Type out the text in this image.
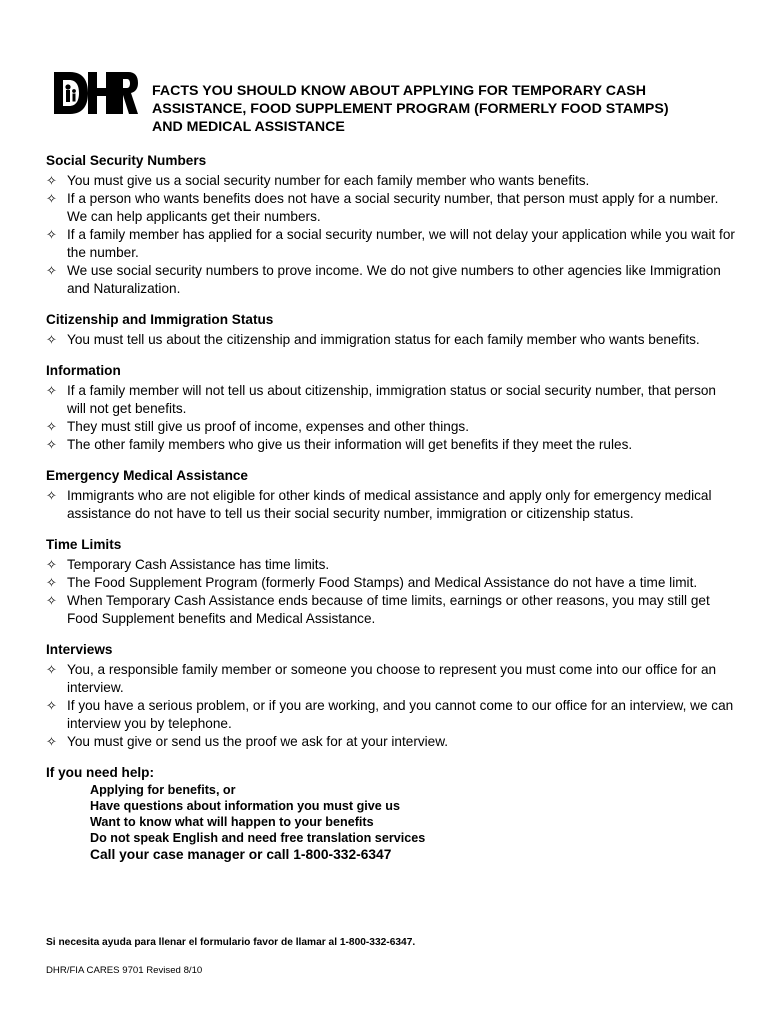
FACTS YOU SHOULD KNOW ABOUT APPLYING FOR TEMPORARY CASH
ASSISTANCE, FOOD SUPPLEMENT PROGRAM (FORMERLY FOOD STAMPS)
AND MEDICAL ASSISTANCE
Social Security Numbers
✧ You must give us a social security number for each family member who wants benefits.
✧ If a person who wants benefits does not have a social security number, that person must apply for a number. We can help applicants get their numbers.
✧ If a family member has applied for a social security number, we will not delay your application while you wait for the number.
✧ We use social security numbers to prove income. We do not give numbers to other agencies like Immigration and Naturalization.
Citizenship and Immigration Status
✧ You must tell us about the citizenship and immigration status for each family member who wants benefits.
Information
✧ If a family member will not tell us about citizenship, immigration status or social security number, that person will not get benefits.
✧ They must still give us proof of income, expenses and other things.
✧ The other family members who give us their information will get benefits if they meet the rules.
Emergency Medical Assistance
✧ Immigrants who are not eligible for other kinds of medical assistance and apply only for emergency medical assistance do not have to tell us their social security number, immigration or citizenship status.
Time Limits
✧ Temporary Cash Assistance has time limits.
✧ The Food Supplement Program (formerly Food Stamps) and Medical Assistance do not have a time limit.
✧ When Temporary Cash Assistance ends because of time limits, earnings or other reasons, you may still get Food Supplement benefits and Medical Assistance.
Interviews
✧ You, a responsible family member or someone you choose to represent you must come into our office for an interview.
✧ If you have a serious problem, or if you are working, and you cannot come to our office for an interview, we can interview you by telephone.
✧ You must give or send us the proof we ask for at your interview.
If you need help:
Applying for benefits, or
Have questions about information you must give us
Want to know what will happen to your benefits
Do not speak English and need free translation services
Call your case manager or call 1-800-332-6347
Si necesita ayuda para llenar el formulario favor de llamar al 1-800-332-6347.
DHR/FIA CARES 9701 Revised 8/10
